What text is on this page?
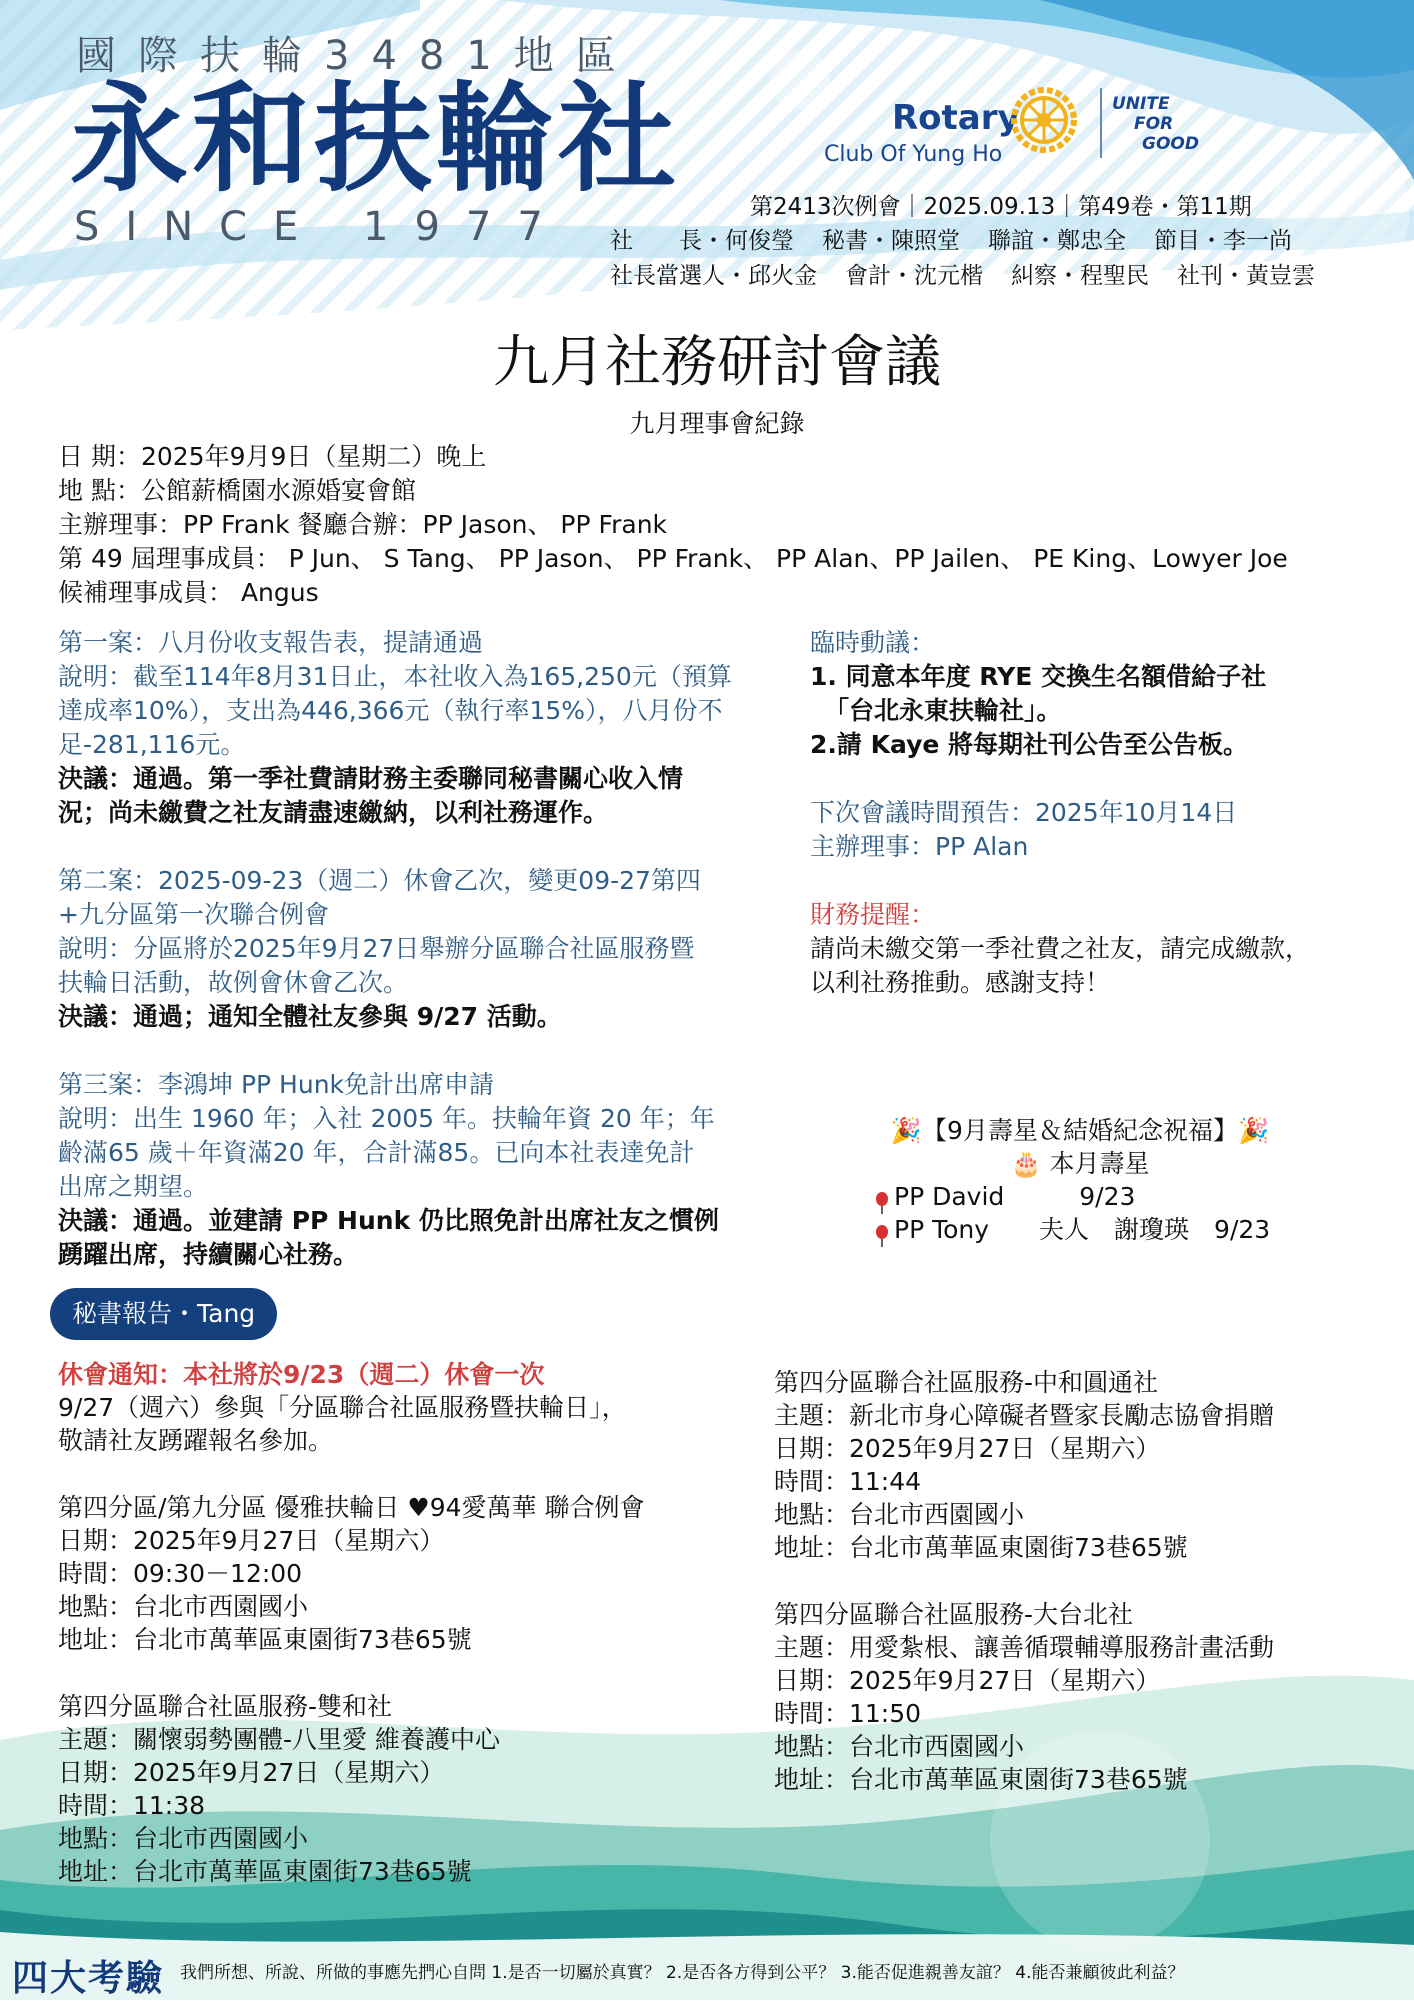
國際扶輪3481地區
永和扶輪社
SINCE 1977
Rotary
Club Of Yung Ho
UNITE
FOR
GOOD
第2413次例會｜2025.09.13｜第49卷・第11期
社　　長・何俊瑩 秘書・陳照堂 聯誼・鄭忠全 節目・李一尚
社長當選人・邱火金 會計・沈元楷 糾察・程聖民 社刊・黃豈雲
九月社務研討會議
九月理事會紀錄
日 期：2025年9月9日（星期二）晚上
地 點：公館薪橋園水源婚宴會館
主辦理事：PP Frank 餐廳合辦：PP Jason、 PP Frank
第 49 屆理事成員： P Jun、 S Tang、 PP Jason、 PP Frank、 PP Alan、PP Jailen、 PE King、Lowyer Joe
候補理事成員： Angus
第一案：八月份收支報告表，提請通過
說明：截至114年8月31日止，本社收入為165,250元（預算
達成率10%），支出為446,366元（執行率15%），八月份不
足-281,116元。
決議：通過。第一季社費請財務主委聯同秘書關心收入情
況；尚未繳費之社友請盡速繳納，以利社務運作。
第二案：2025-09-23（週二）休會乙次，變更09-27第四
+九分區第一次聯合例會
說明：分區將於2025年9月27日舉辦分區聯合社區服務暨
扶輪日活動，故例會休會乙次。
決議：通過；通知全體社友參與 9/27 活動。
第三案：李鴻坤 PP Hunk免計出席申請
說明：出生 1960 年；入社 2005 年。扶輪年資 20 年；年
齡滿65 歲＋年資滿20 年，合計滿85。已向本社表達免計
出席之期望。
決議：通過。並建請 PP Hunk 仍比照免計出席社友之慣例
踴躍出席，持續關心社務。
臨時動議：
1. 同意本年度 RYE 交換生名額借給子社
「台北永東扶輪社」。
2.請 Kaye 將每期社刊公告至公告板。
下次會議時間預告：2025年10月14日
主辦理事：PP Alan
財務提醒：
請尚未繳交第一季社費之社友，請完成繳款，
以利社務推動。感謝支持！
🎉【9月壽星＆結婚紀念祝福】🎉
🎂 本月壽星
PP David　　　9/23
PP Tony　　夫人　謝瓊瑛　9/23
秘書報告・Tang
休會通知：本社將於9/23（週二）休會一次
9/27（週六）參與「分區聯合社區服務暨扶輪日」，
敬請社友踴躍報名參加。
第四分區/第九分區 優雅扶輪日 ♥94愛萬華 聯合例會
日期：2025年9月27日（星期六）
時間：09:30－12:00
地點：台北市西園國小
地址：台北市萬華區東園街73巷65號
第四分區聯合社區服務-雙和社
主題：關懷弱勢團體-八里愛 維養護中心
日期：2025年9月27日（星期六）
時間：11:38
地點：台北市西園國小
地址：台北市萬華區東園街73巷65號
第四分區聯合社區服務-中和圓通社
主題：新北市身心障礙者暨家長勵志協會捐贈
日期：2025年9月27日（星期六）
時間：11:44
地點：台北市西園國小
地址：台北市萬華區東園街73巷65號
第四分區聯合社區服務-大台北社
主題：用愛紮根、讓善循環輔導服務計畫活動
日期：2025年9月27日（星期六）
時間：11:50
地點：台北市西園國小
地址：台北市萬華區東園街73巷65號
四大考驗 我們所想、所說、所做的事應先捫心自問 1.是否一切屬於真實？ 2.是否各方得到公平？ 3.能否促進親善友誼？ 4.能否兼顧彼此利益？
